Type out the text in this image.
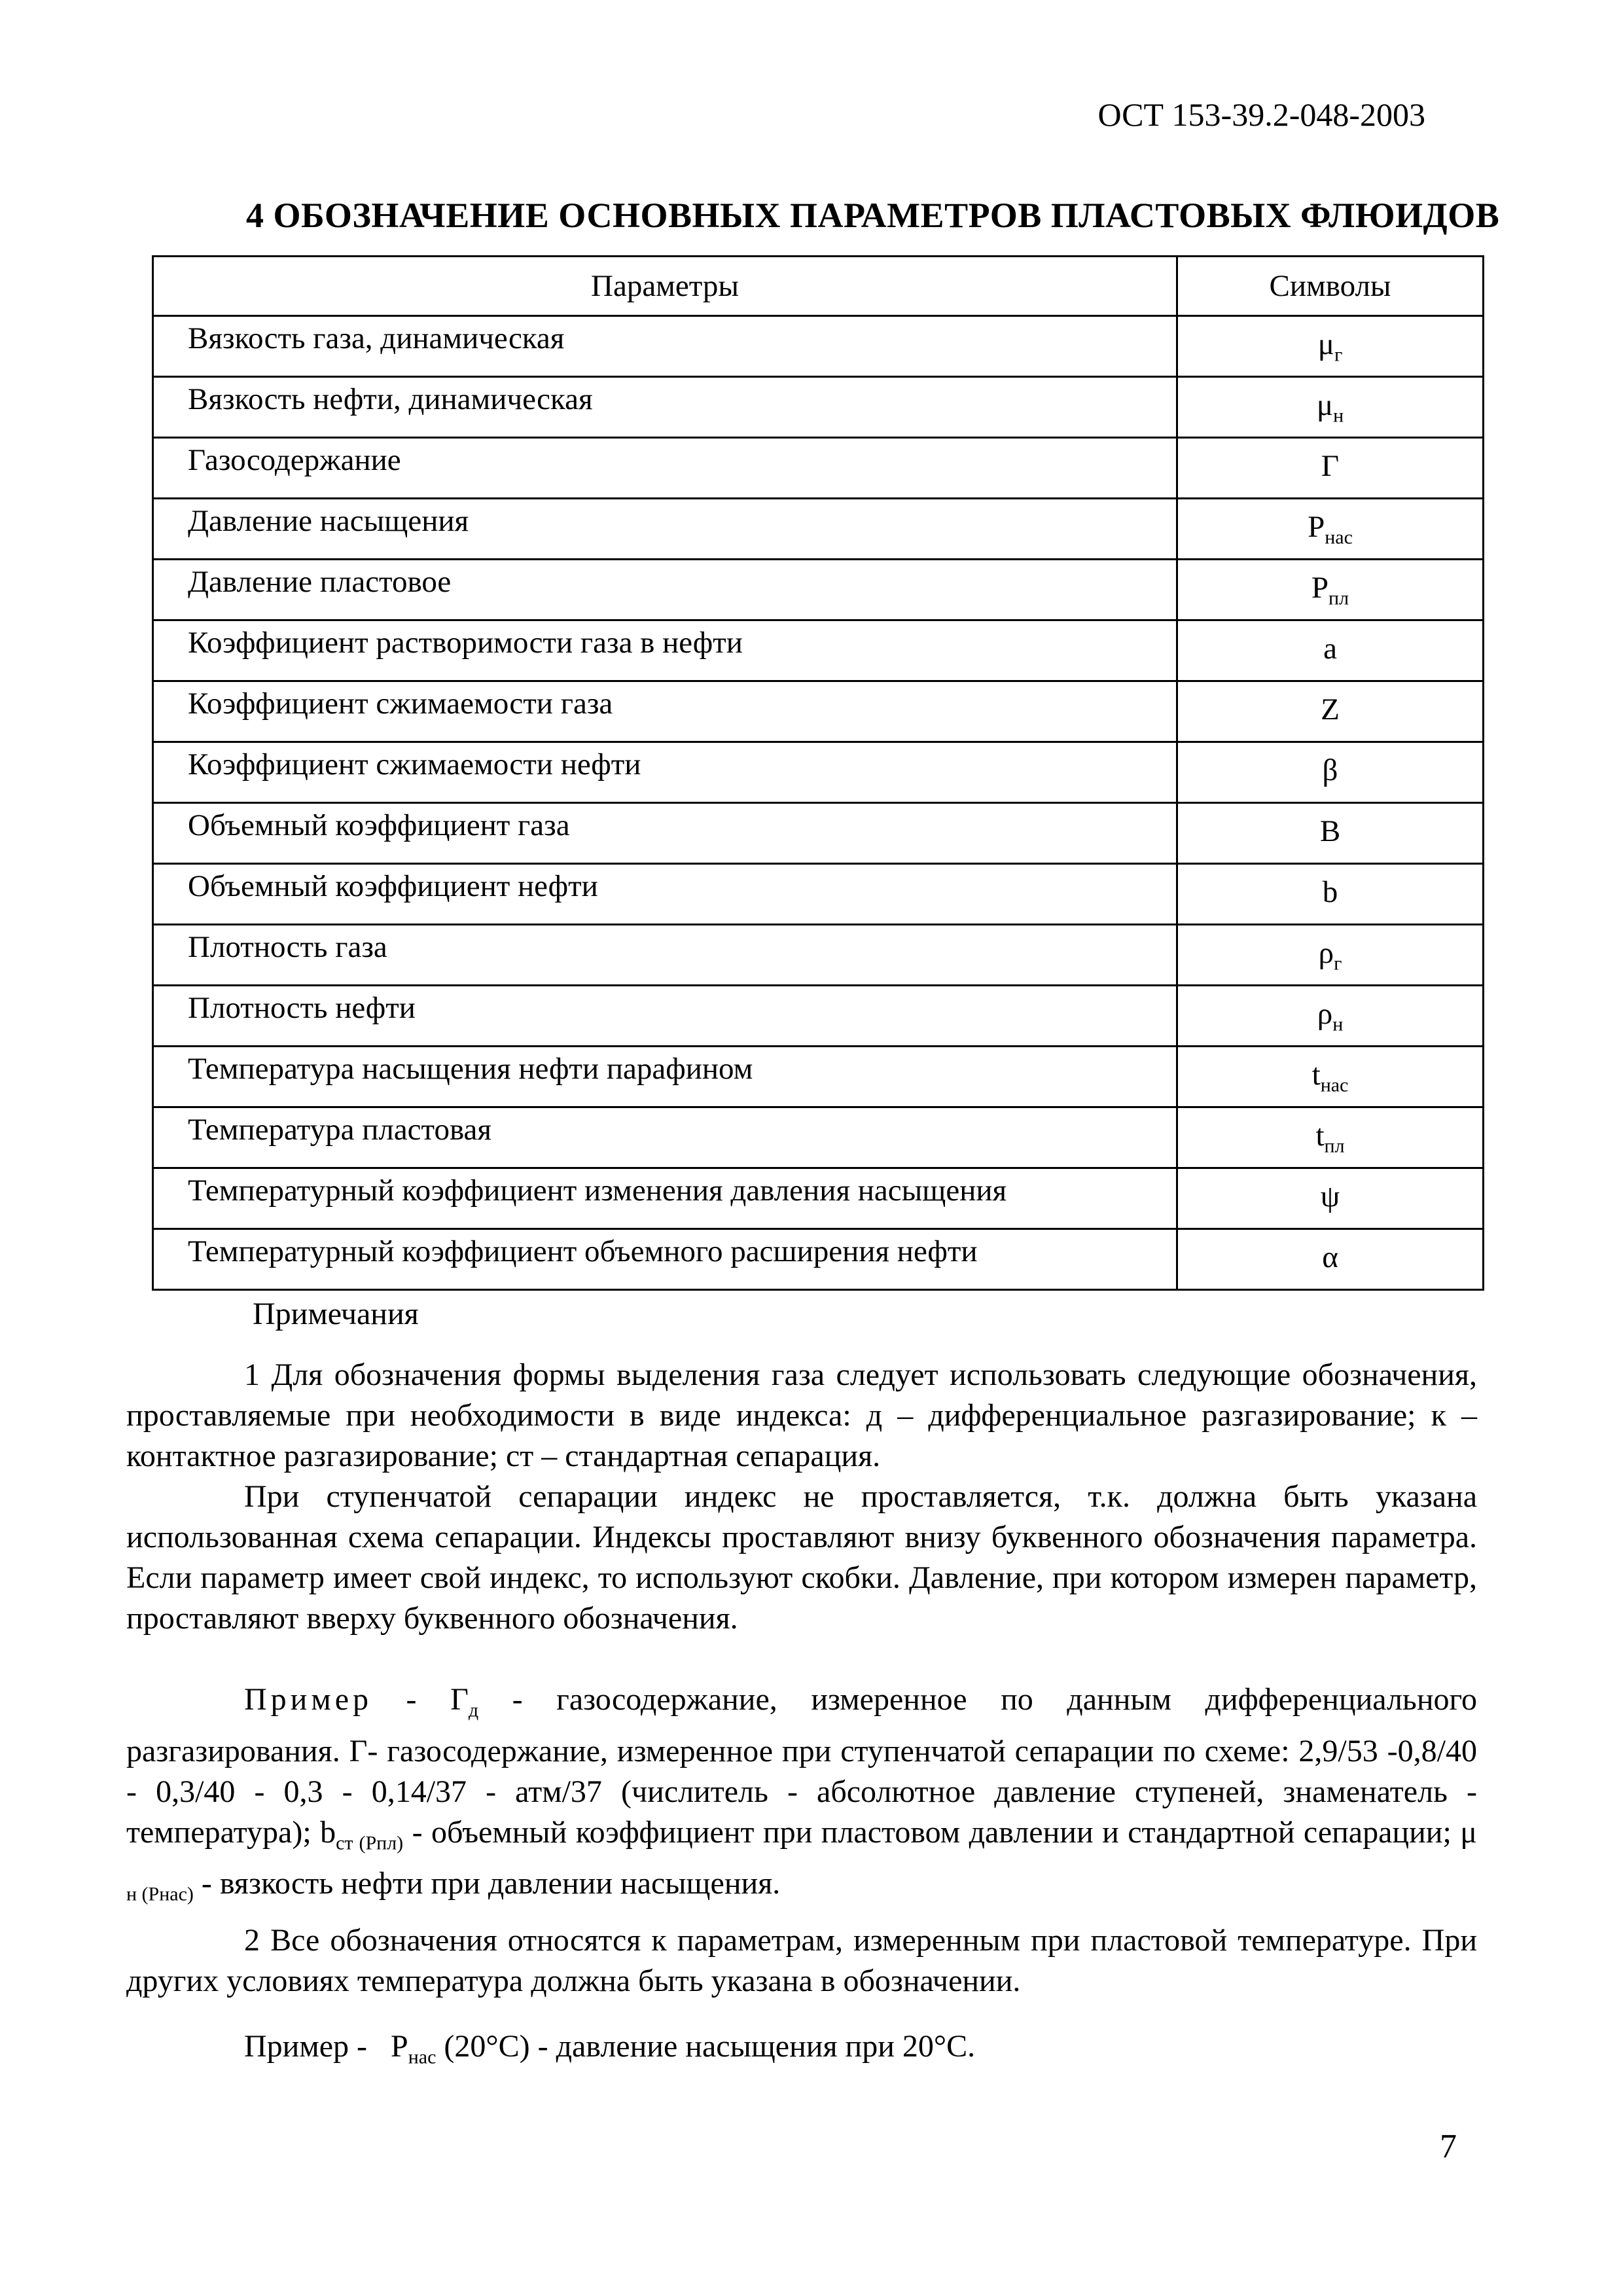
ОСТ 153-39.2-048-2003
4 ОБОЗНАЧЕНИЕ ОСНОВНЫХ ПАРАМЕТРОВ ПЛАСТОВЫХ ФЛЮИДОВ
Параметры	Символы
Вязкость газа, динамическая	$\mu_г$
Вязкость нефти, динамическая	$\mu_н$
Газосодержание	Г
Давление насыщения	$Р_{нас}$
Давление пластовое	$Р_{пл}$
Коэффициент растворимости газа в нефти	a
Коэффициент сжимаемости газа	Z
Коэффициент сжимаемости нефти	β
Объемный коэффициент газа	B
Объемный коэффициент нефти	b
Плотность газа	$\rho_г$
Плотность нефти	$\rho_н$
Температура насыщения нефти парафином	$t_{нас}$
Температура пластовая	$t_{пл}$
Температурный коэффициент изменения давления насыщения	ψ
Температурный коэффициент объемного расширения нефти	α
Примечания
1 Для обозначения формы выделения газа следует использовать следующие обозначения, проставляемые при необходимости в виде индекса: д – дифференциальное разгазирование; к – контактное разгазирование; ст – стандартная сепарация.
При ступенчатой сепарации индекс не проставляется, т.к. должна быть указана использованная схема сепарации. Индексы проставляют внизу буквенного обозначения параметра. Если параметр имеет свой индекс, то используют скобки. Давление, при котором измерен параметр, проставляют вверху буквенного обозначения.
Пример - $Г_д$ - газосодержание, измеренное по данным дифференциального разгазирования. Г- газосодержание, измеренное при ступенчатой сепарации по схеме: 2,9/53 -0,8/40 - 0,3/40 - 0,3 - 0,14/37 - атм/37 (числитель - абсолютное давление ступеней, знаменатель - температура); $b_{ст (Рпл)}$ - объемный коэффициент при пластовом давлении и стандартной сепарации; μ $_{н (Рнас)}$ - вязкость нефти при давлении насыщения.
2 Все обозначения относятся к параметрам, измеренным при пластовой температуре. При других условиях температура должна быть указана в обозначении.
Пример - $Р_{нас}$ (20°С) - давление насыщения при 20°С.
7
